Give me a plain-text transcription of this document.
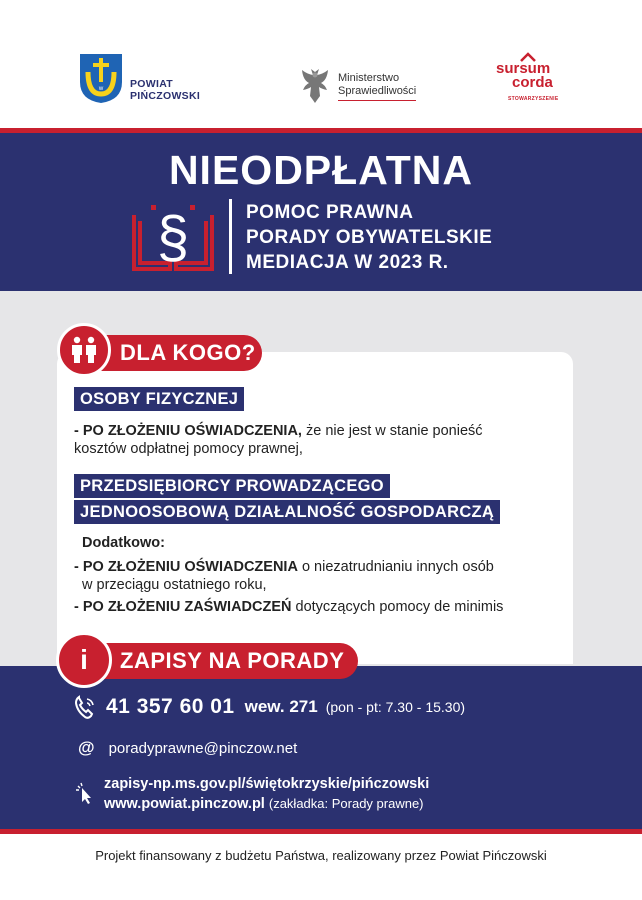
w	POWIAT
PIŃCZOWSKI
Ministerstwo
Sprawiedliwości
sursum
corda
STOWARZYSZENIE
NIEODPŁATNA
§	POMOC PRAWNA
PORADY OBYWATELSKIE
MEDIACJA W 2023 R.
DLA KOGO?
OSOBY FIZYCZNEJ
- PO ZŁOŻENIU OŚWIADCZENIA, że nie jest w stanie ponieść
kosztów odpłatnej pomocy prawnej,
PRZEDSIĘBIORCY PROWADZĄCEGO
JEDNOOSOBOWĄ DZIAŁALNOŚĆ GOSPODARCZĄ
Dodatkowo:
- PO ZŁOŻENIU OŚWIADCZENIA o niezatrudnianiu innych osób
w przeciągu ostatniego roku,
- PO ZŁOŻENIU ZAŚWIADCZEŃ dotyczących pomocy de minimis
ZAPISY NA PORADY
i
41 357 60 01 wew. 271 (pon - pt: 7.30 - 15.30)
@ poradyprawne@pinczow.net
zapisy-np.ms.gov.pl/świętokrzyskie/pińczowski
www.powiat.pinczow.pl (zakładka: Porady prawne)
Projekt finansowany z budżetu Państwa, realizowany przez Powiat Pińczowski
